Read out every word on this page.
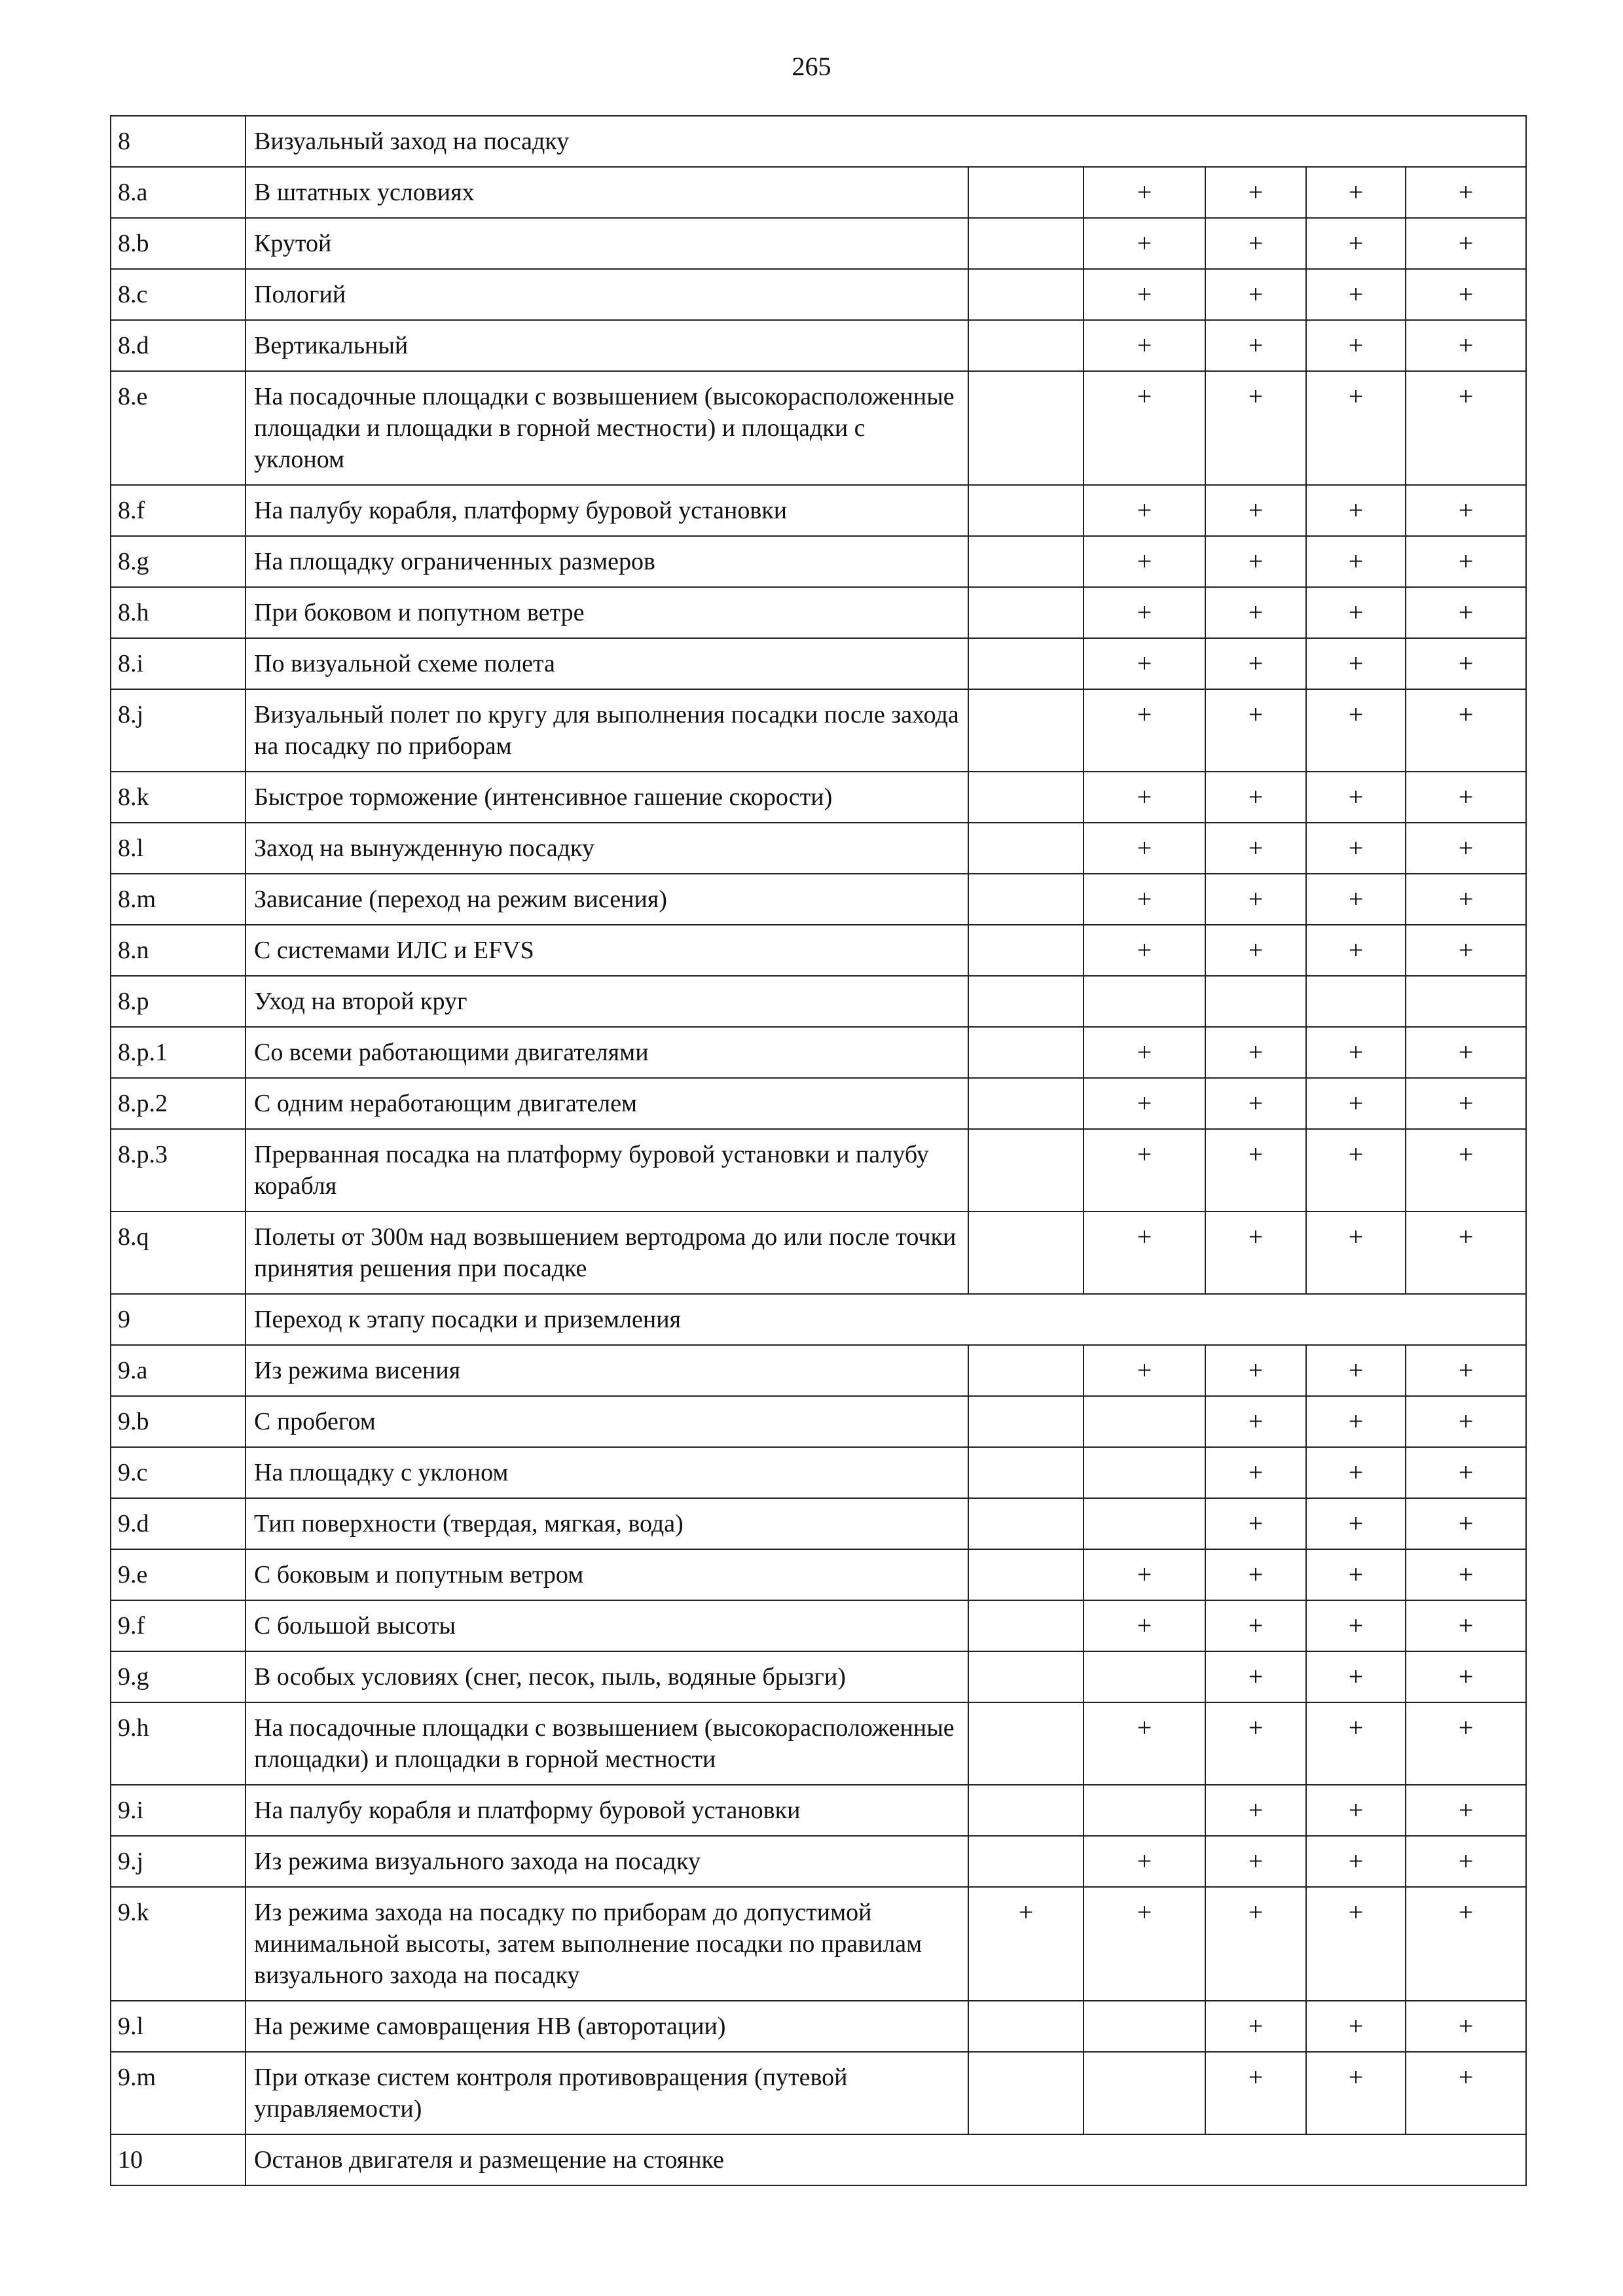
265
8	Визуальный заход на посадку					
8.a	В штатных условиях		+	+	+	+
8.b	Крутой		+	+	+	+
8.c	Пологий		+	+	+	+
8.d	Вертикальный		+	+	+	+
8.e	На посадочные площадки с возвышением (высокорасположенные площадки и площадки в горной местности) и площадки с уклоном		+	+	+	+
8.f	На палубу корабля, платформу буровой установки		+	+	+	+
8.g	На площадку ограниченных размеров		+	+	+	+
8.h	При боковом и попутном ветре		+	+	+	+
8.i	По визуальной схеме полета		+	+	+	+
8.j	Визуальный полет по кругу для выполнения посадки после захода на посадку по приборам		+	+	+	+
8.k	Быстрое торможение (интенсивное гашение скорости)		+	+	+	+
8.l	Заход на вынужденную посадку		+	+	+	+
8.m	Зависание (переход на режим висения)		+	+	+	+
8.n	С системами ИЛС и EFVS		+	+	+	+
8.p	Уход на второй круг					
8.p.1	Со всеми работающими двигателями		+	+	+	+
8.p.2	С одним неработающим двигателем		+	+	+	+
8.p.3	Прерванная посадка на платформу буровой установки и палубу корабля		+	+	+	+
8.q	Полеты от 300м над возвышением вертодрома до или после точки принятия решения при посадке		+	+	+	+
9	Переход к этапу посадки и приземления					
9.a	Из режима висения		+	+	+	+
9.b	С пробегом			+	+	+
9.c	На площадку с уклоном			+	+	+
9.d	Тип поверхности (твердая, мягкая, вода)			+	+	+
9.e	С боковым и попутным ветром		+	+	+	+
9.f	С большой высоты		+	+	+	+
9.g	В особых условиях (снег, песок, пыль, водяные брызги)			+	+	+
9.h	На посадочные площадки с возвышением (высокорасположенные площадки) и площадки в горной местности		+	+	+	+
9.i	На палубу корабля и платформу буровой установки			+	+	+
9.j	Из режима визуального захода на посадку		+	+	+	+
9.k	Из режима захода на посадку по приборам до допустимой минимальной высоты, затем выполнение посадки по правилам визуального захода на посадку	+	+	+	+	+
9.l	На режиме самовращения НВ (авторотации)			+	+	+
9.m	При отказе систем контроля противовращения (путевой управляемости)			+	+	+
10	Останов двигателя и размещение на стоянке					
